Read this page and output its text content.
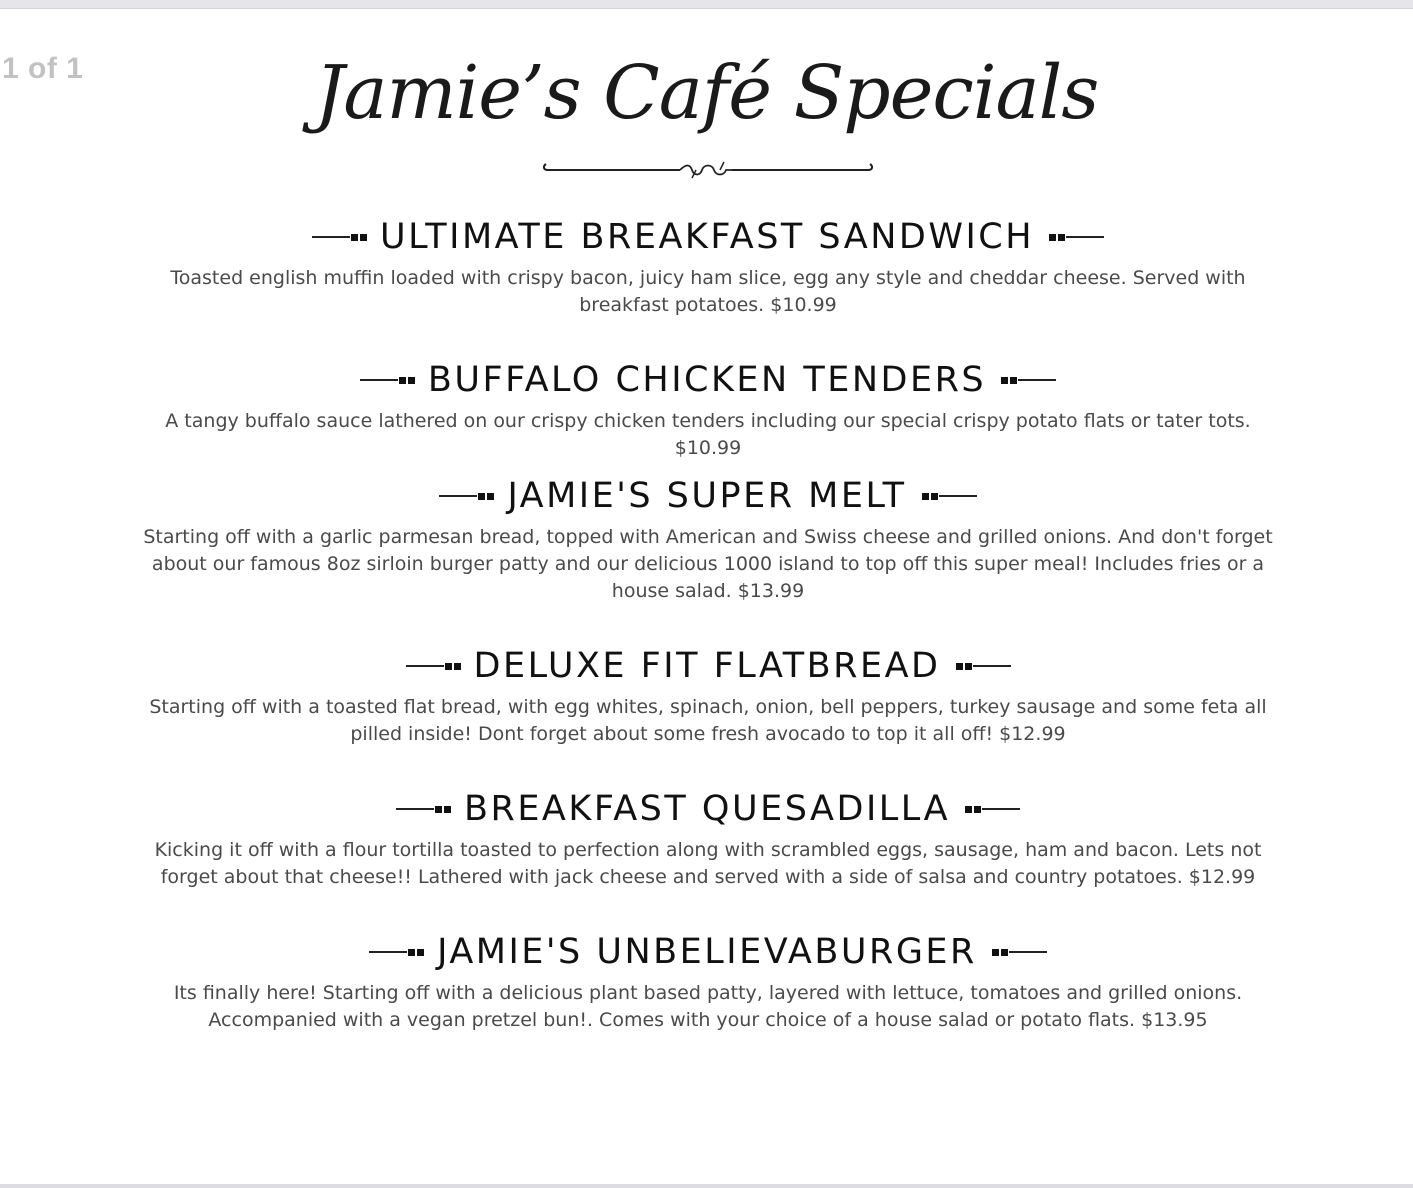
1 of 1	Jamie’s Café Specials
ULTIMATE BREAKFAST SANDWICH

Toasted english muffin loaded with crispy bacon, juicy ham slice, egg any style and cheddar cheese. Served with breakfast potatoes. $10.99

BUFFALO CHICKEN TENDERS

A tangy buffalo sauce lathered on our crispy chicken tenders including our special crispy potato flats or tater tots. $10.99

JAMIE'S SUPER MELT

Starting off with a garlic parmesan bread, topped with American and Swiss cheese and grilled onions. And don't forget about our famous 8oz sirloin burger patty and our delicious 1000 island to top off this super meal! Includes fries or a house salad. $13.99

DELUXE FIT FLATBREAD

Starting off with a toasted flat bread, with egg whites, spinach, onion, bell peppers, turkey sausage and some feta all pilled inside! Dont forget about some fresh avocado to top it all off! $12.99

BREAKFAST QUESADILLA

Kicking it off with a flour tortilla toasted to perfection along with scrambled eggs, sausage, ham and bacon. Lets not forget about that cheese!! Lathered with jack cheese and served with a side of salsa and country potatoes. $12.99

JAMIE'S UNBELIEVABURGER

Its finally here! Starting off with a delicious plant based patty, layered with lettuce, tomatoes and grilled onions. Accompanied with a vegan pretzel bun!. Comes with your choice of a house salad or potato flats. $13.95
